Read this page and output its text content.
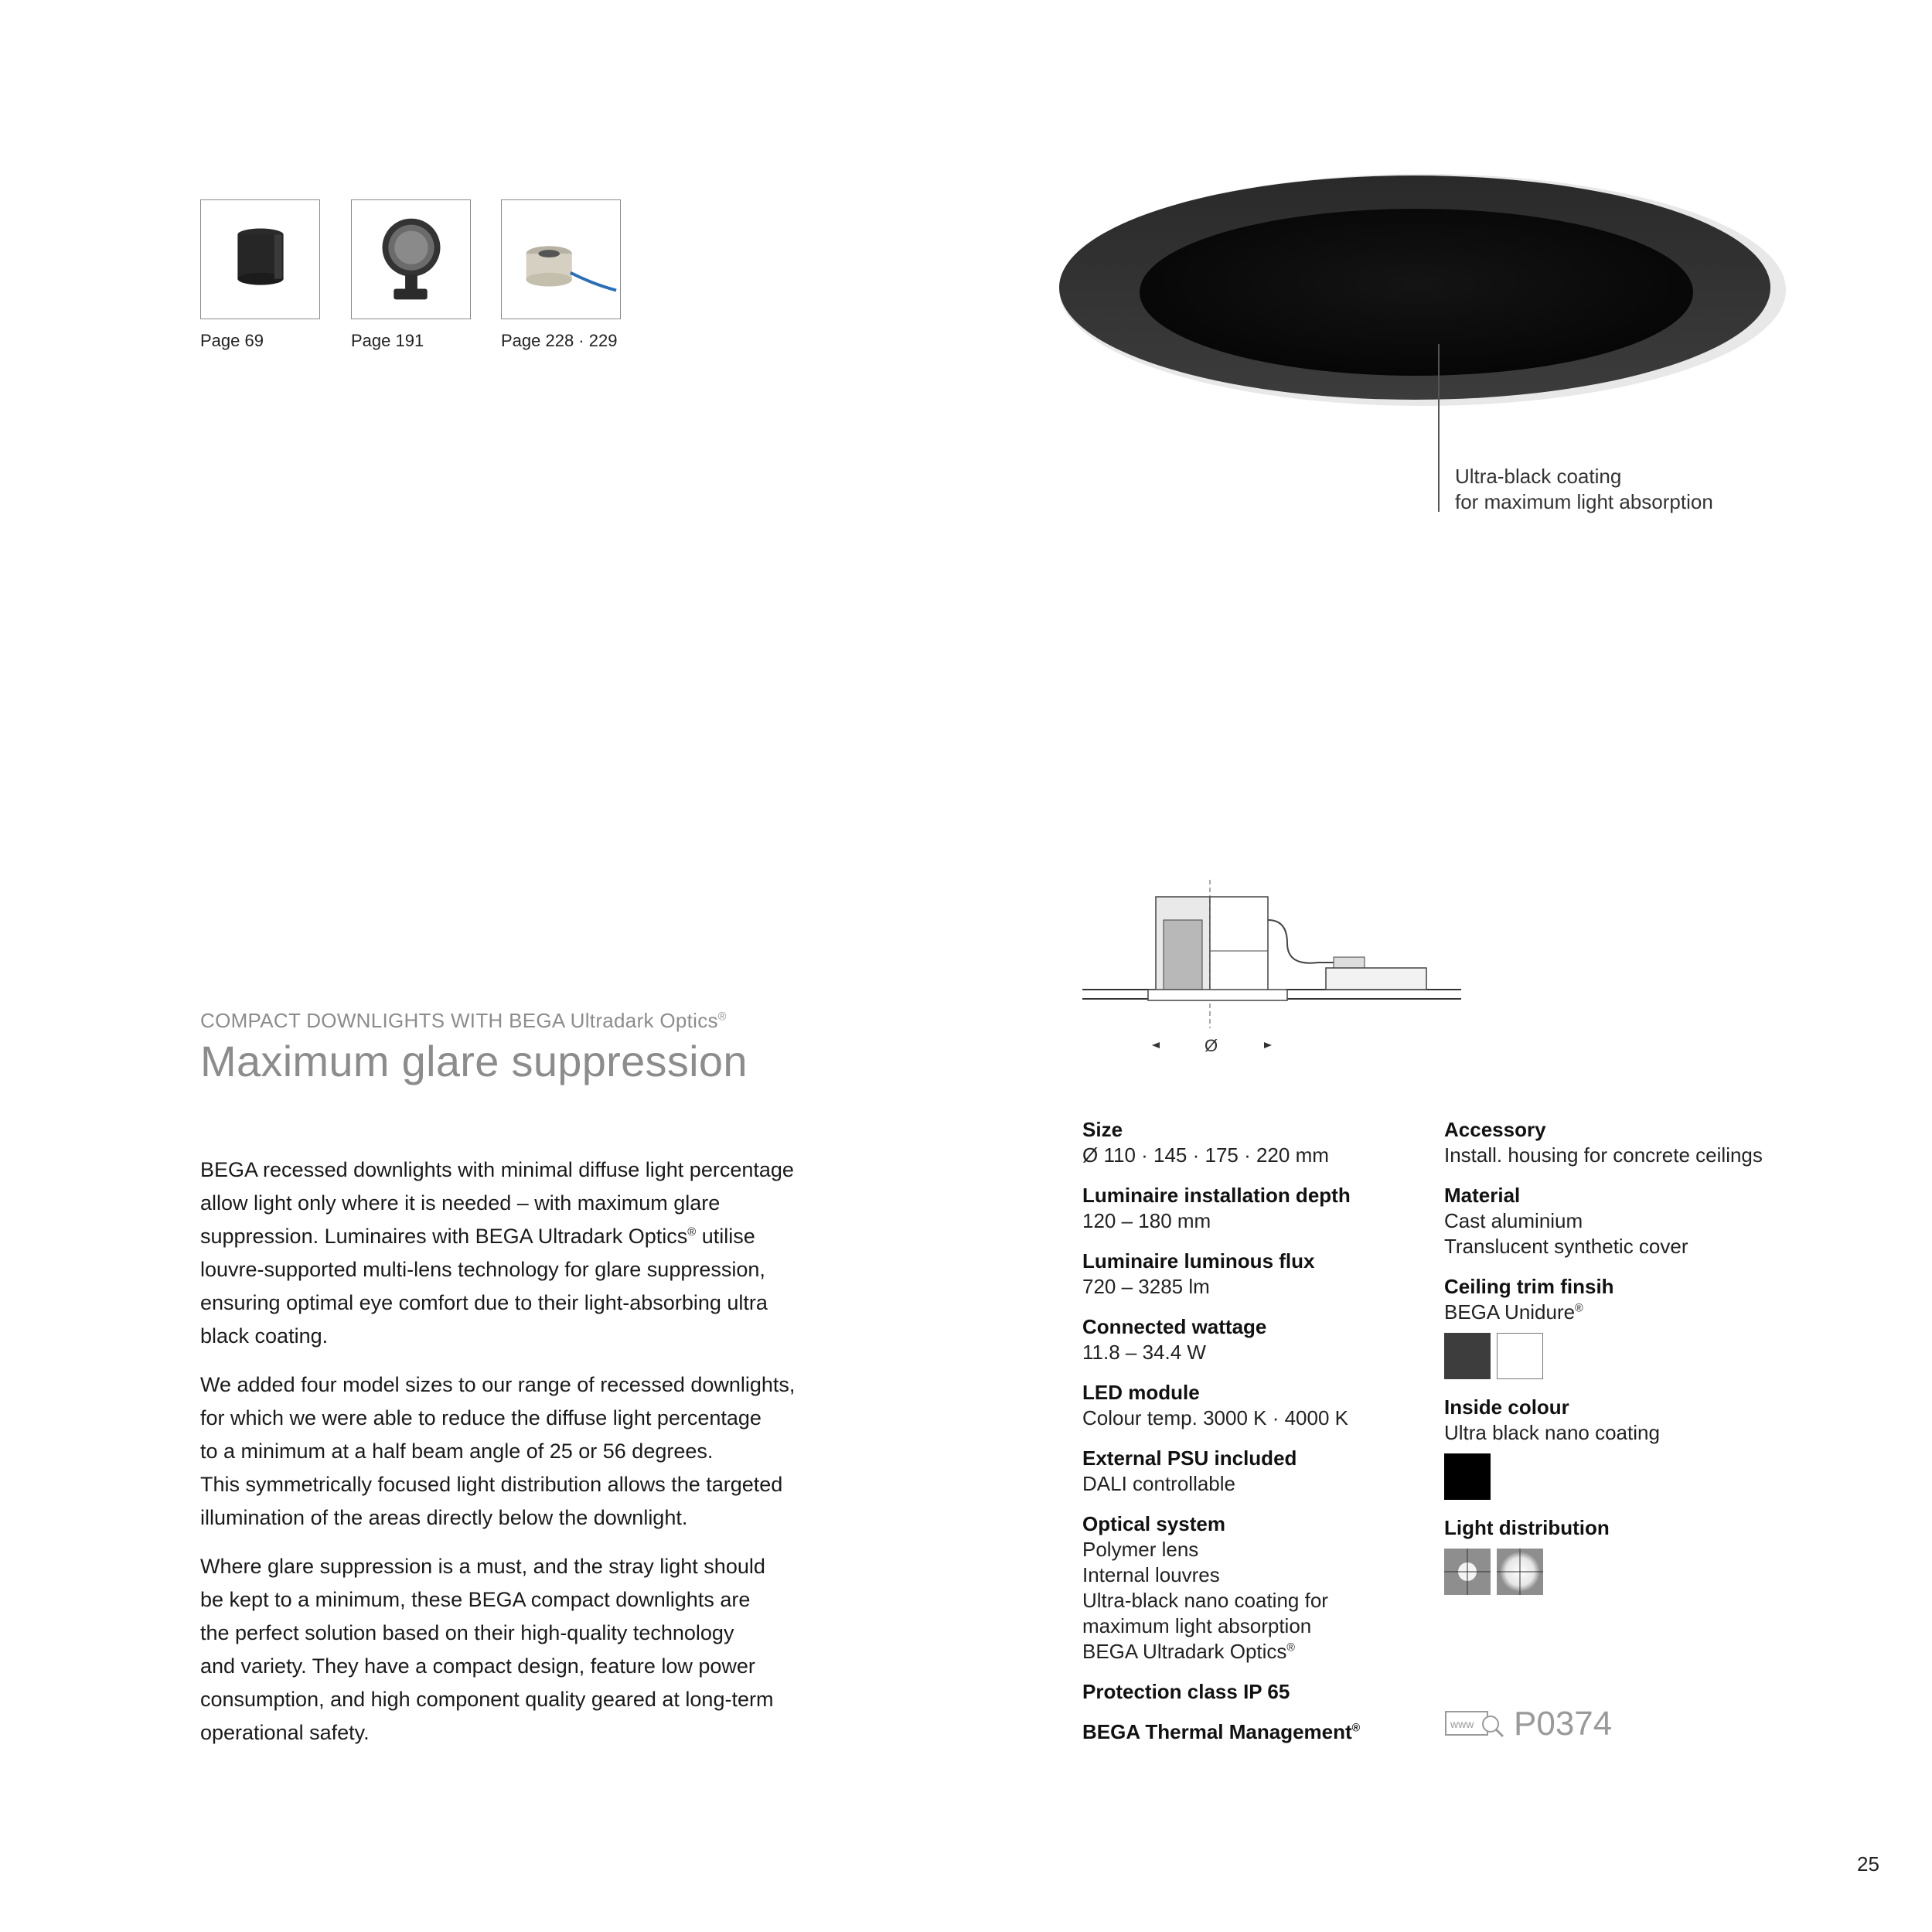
Page 69	Page 191	Page 228 · 229
Ultra-black coating
for maximum light absorption
COMPACT DOWNLIGHTS WITH BEGA Ultradark Optics®
Maximum glare suppression

BEGA recessed downlights with minimal diffuse light percentage
allow light only where it is needed – with maximum glare
suppression. Luminaires with BEGA Ultradark Optics® utilise
louvre-supported multi-lens technology for glare suppression,
ensuring optimal eye comfort due to their light-absorbing ultra
black coating.

We added four model sizes to our range of recessed downlights,
for which we were able to reduce the diffuse light percentage
to a minimum at a half beam angle of 25 or 56 degrees.
This symmetrically focused light distribution allows the targeted
illumination of the areas directly below the downlight.

Where glare suppression is a must, and the stray light should
be kept to a minimum, these BEGA compact downlights are
the perfect solution based on their high-quality technology
and variety. They have a compact design, feature low power
consumption, and high component quality geared at long-term
operational safety.

Ø
Size
Ø 110 · 145 · 175 · 220 mm
Luminaire installation depth
120 – 180 mm
Luminaire luminous flux
720 – 3285 lm
Connected wattage
11.8 – 34.4 W
LED module
Colour temp. 3000 K · 4000 K
External PSU included
DALI controllable
Optical system
Polymer lens
Internal louvres
Ultra-black nano coating for
maximum light absorption
BEGA Ultradark Optics®
Protection class IP 65
BEGA Thermal Management®
Accessory
Install. housing for concrete ceilings
Material
Cast aluminium
Translucent synthetic cover
Ceiling trim finsih
BEGA Unidure®
Inside colour
Ultra black nano coating
Light distribution
www P0374
25
